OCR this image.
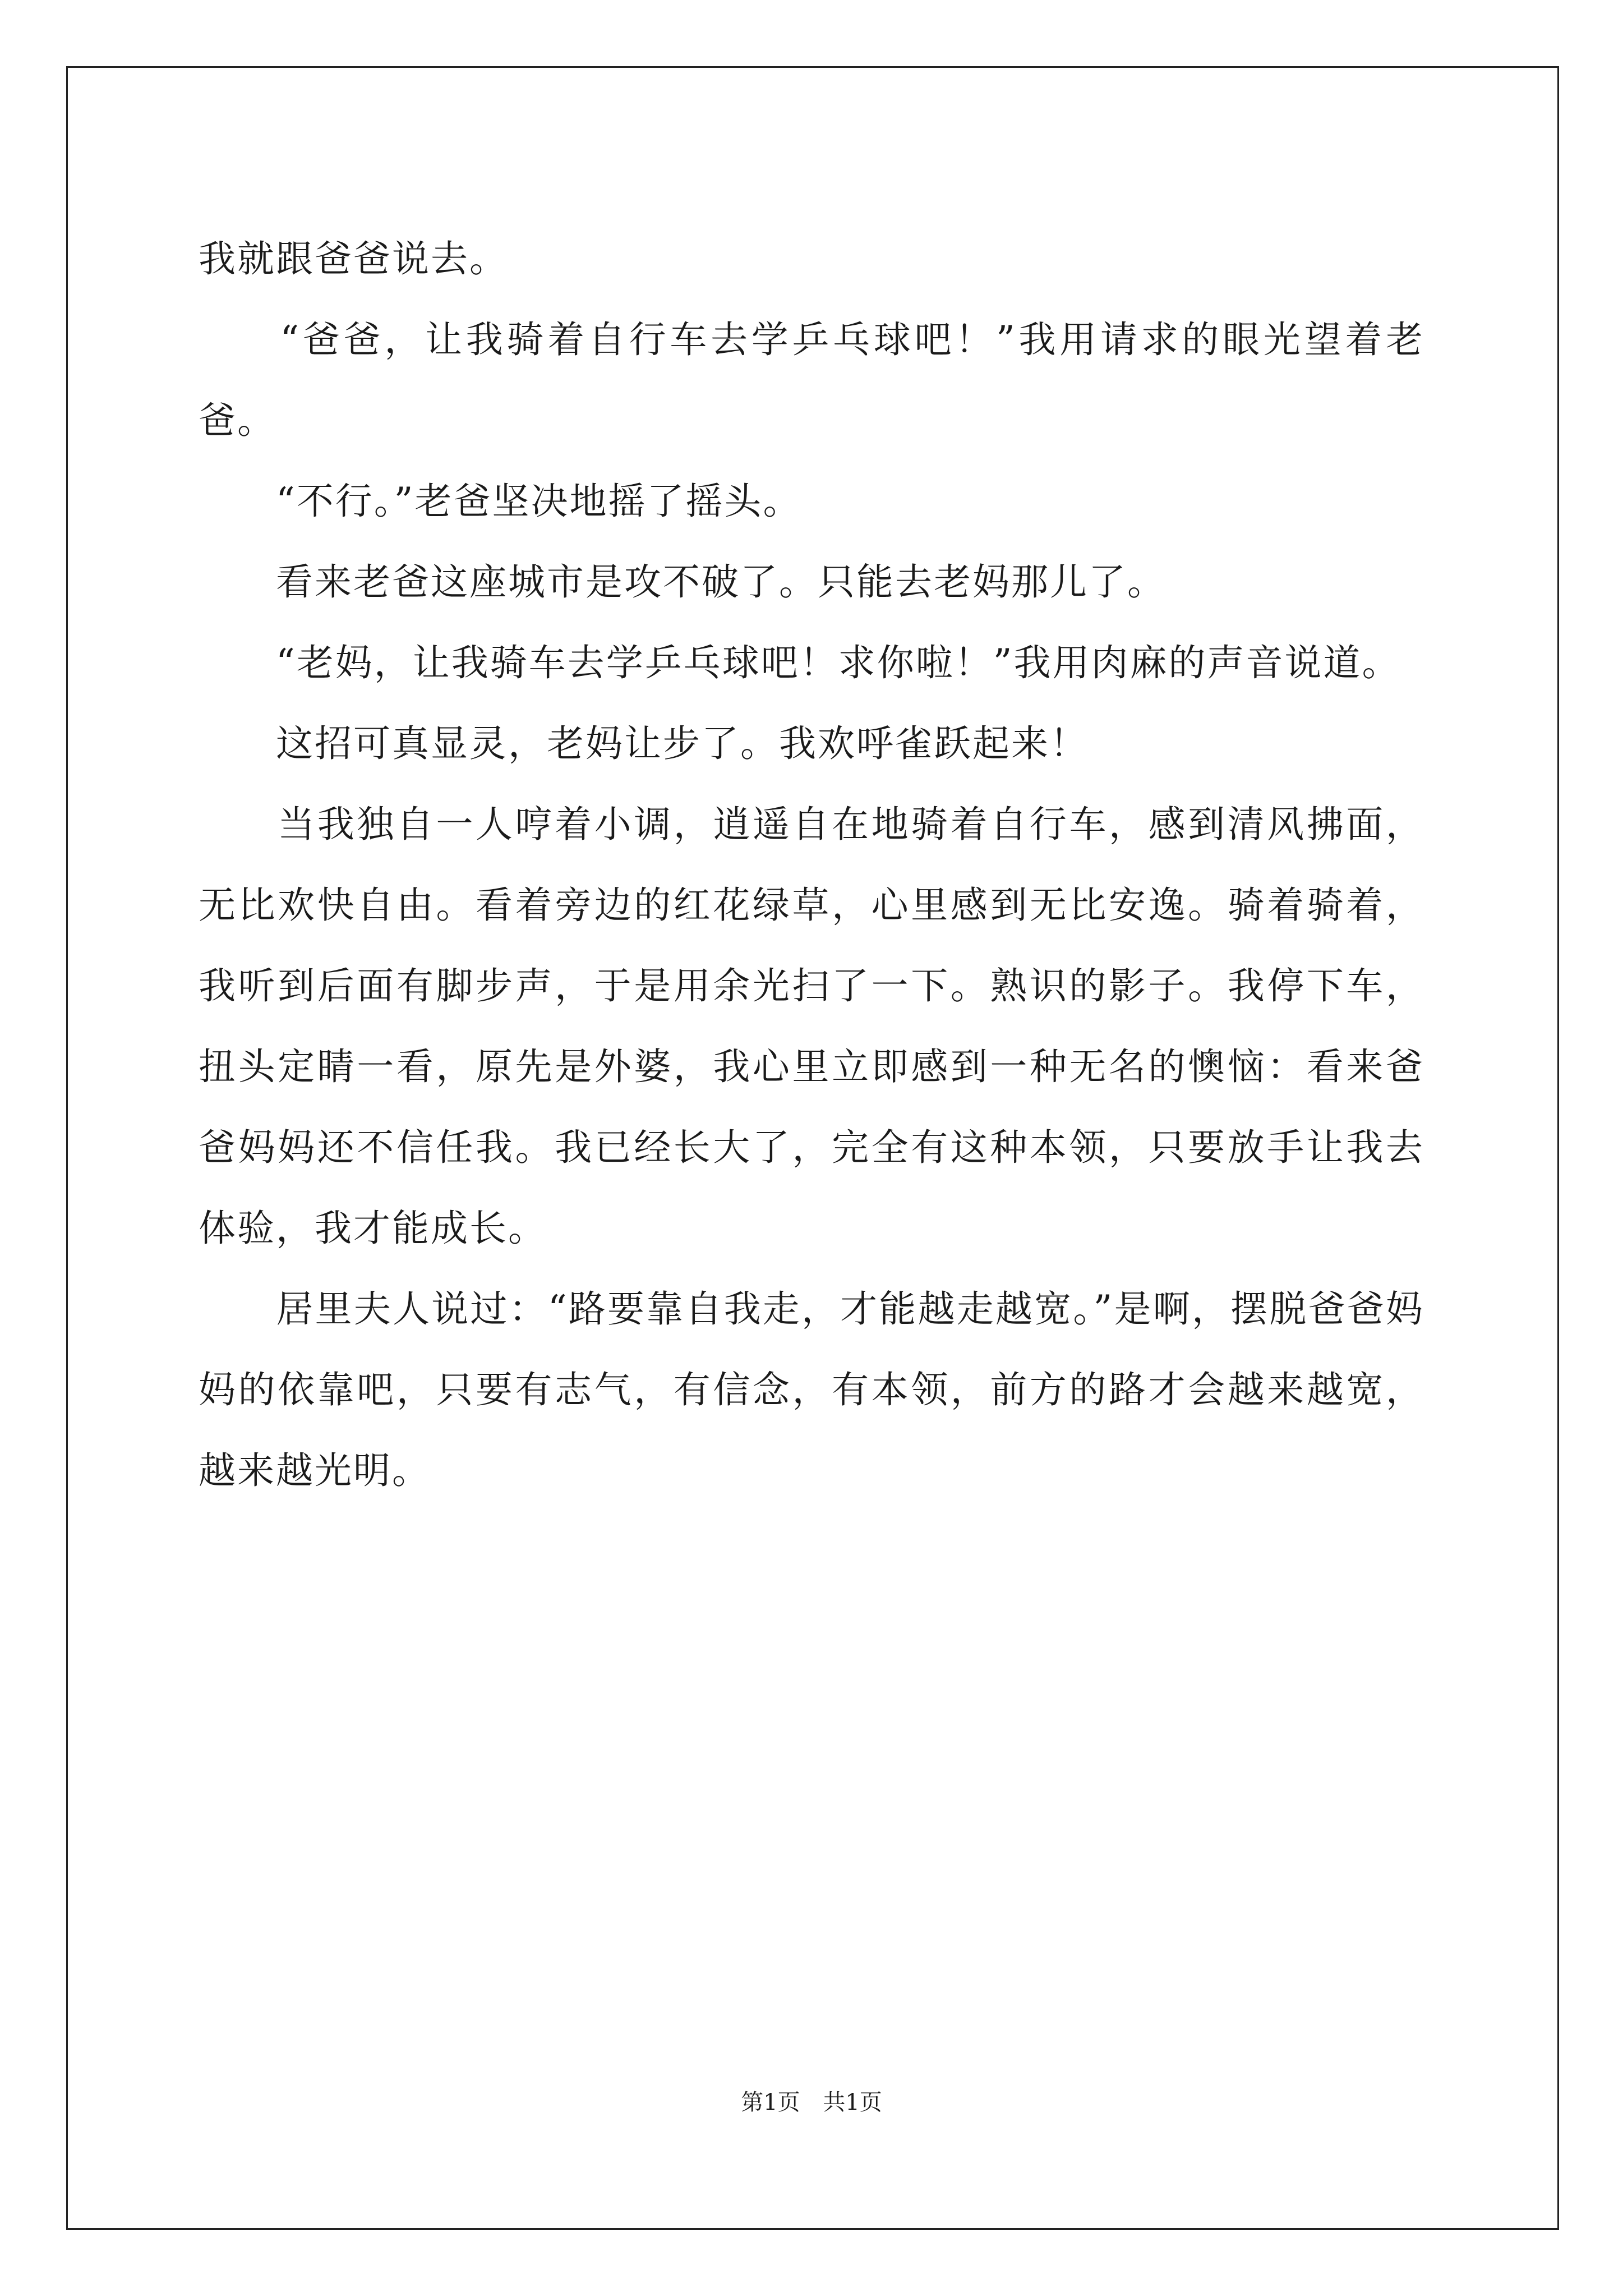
我就跟爸爸说去。

　　“爸爸，让我骑着自行车去学乒乓球吧！”我用请求的眼光望着老爸。

　　“不行。”老爸坚决地摇了摇头。

　　看来老爸这座城市是攻不破了。只能去老妈那儿了。

　　“老妈，让我骑车去学乒乓球吧！求你啦！”我用肉麻的声音说道。

　　这招可真显灵，老妈让步了。我欢呼雀跃起来！

　　当我独自一人哼着小调，逍遥自在地骑着自行车，感到清风拂面，无比欢快自由。看着旁边的红花绿草，心里感到无比安逸。骑着骑着，我听到后面有脚步声，于是用余光扫了一下。熟识的影子。我停下车，扭头定睛一看，原先是外婆，我心里立即感到一种无名的懊恼：看来爸爸妈妈还不信任我。我已经长大了，完全有这种本领，只要放手让我去体验，我才能成长。

　　居里夫人说过：“路要靠自我走，才能越走越宽。”是啊，摆脱爸爸妈妈的依靠吧，只要有志气，有信念，有本领，前方的路才会越来越宽，越来越光明。

第1页 共1页
